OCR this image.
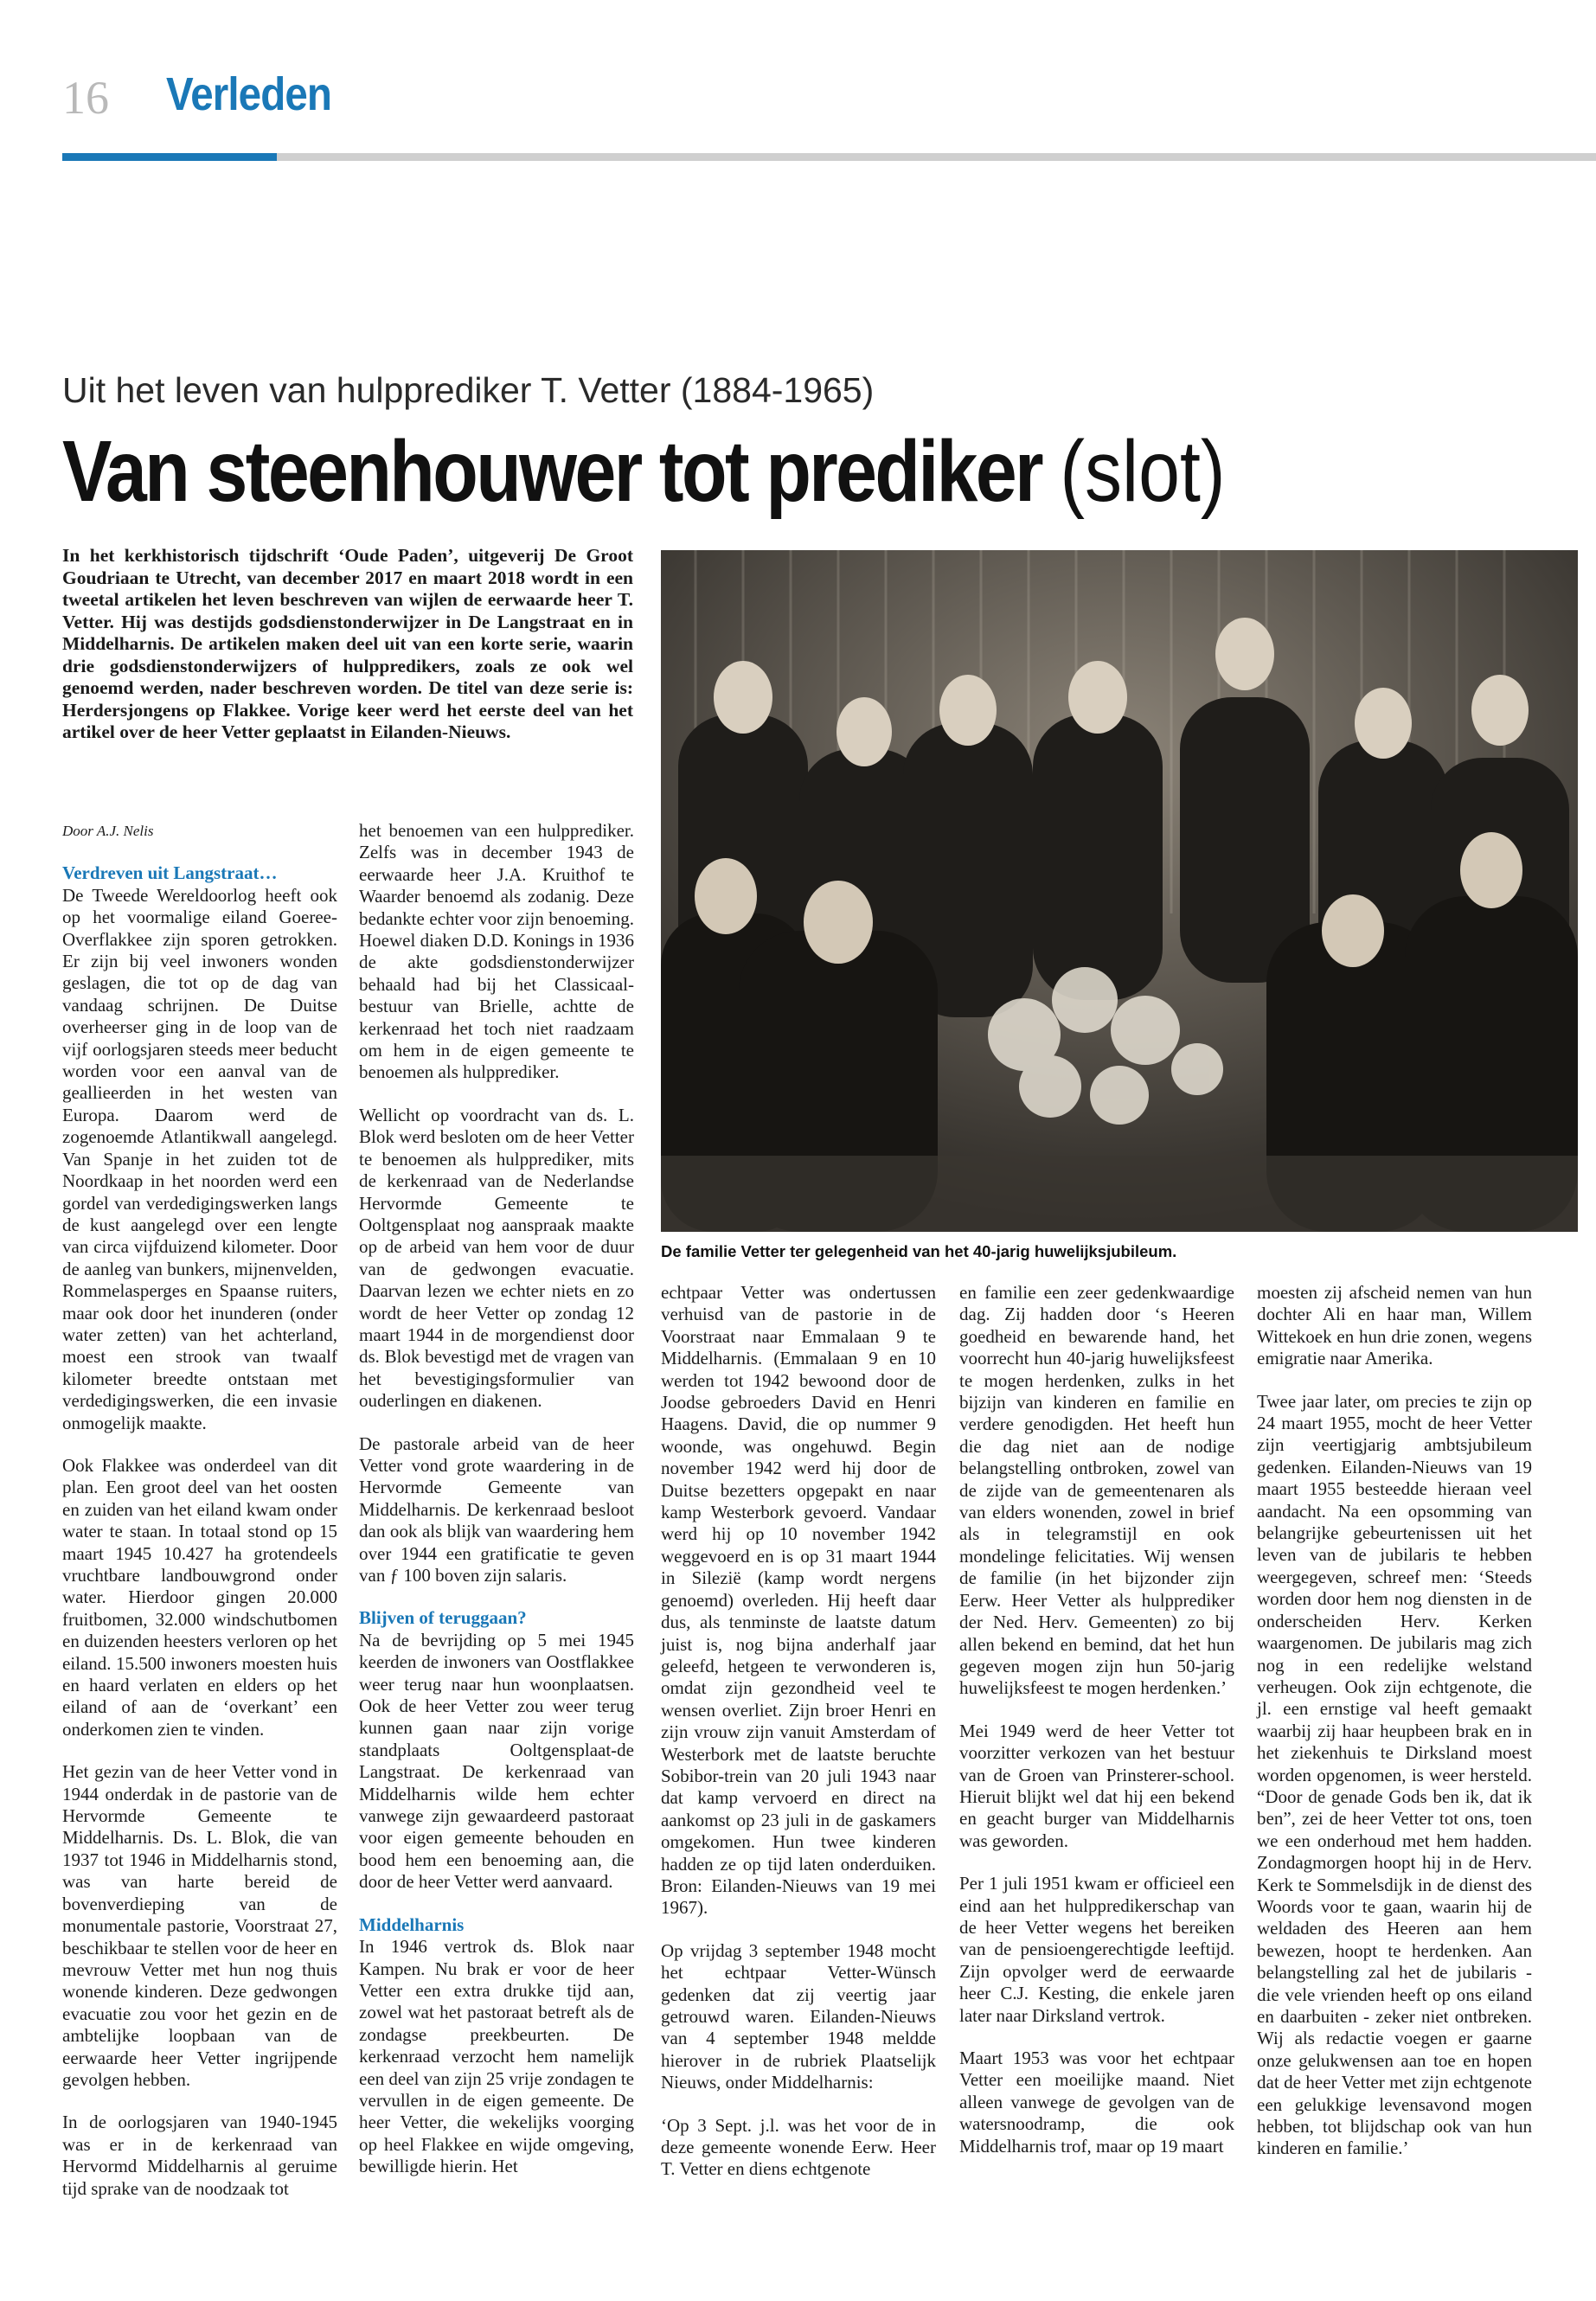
16 Verleden
Uit het leven van hulpprediker T. Vetter (1884-1965)
Van steenhouwer tot prediker (slot)
In het kerkhistorisch tijdschrift ‘Oude Paden’, uitgeverij De Groot Goudriaan te Utrecht, van december 2017 en maart 2018 wordt in een tweetal artikelen het leven beschreven van wijlen de eerwaarde heer T. Vetter. Hij was destijds godsdienstonderwijzer in De Langstraat en in Middelharnis. De artikelen maken deel uit van een korte serie, waarin drie godsdienstonderwijzers of hulppredikers, zoals ze ook wel genoemd werden, nader beschreven worden. De titel van deze serie is: Herdersjongens op Flakkee. Vorige keer werd het eerste deel van het artikel over de heer Vetter geplaatst in Eilanden-Nieuws.
De familie Vetter ter gelegenheid van het 40-jarig huwelijksjubileum.

Door A.J. Nelis

Verdreven uit Langstraat…

De Tweede Wereldoorlog heeft ook op het voormalige eiland Goeree-Overflakkee zijn sporen getrokken. Er zijn bij veel inwoners wonden geslagen, die tot op de dag van vandaag schrijnen. De Duitse overheerser ging in de loop van de vijf oorlogsjaren steeds meer beducht worden voor een aanval van de geallieerden in het westen van Europa. Daarom werd de zogenoemde Atlantikwall aangelegd. Van Spanje in het zuiden tot de Noordkaap in het noorden werd een gordel van verdedigingswerken langs de kust aangelegd over een lengte van circa vijfduizend kilometer. Door de aanleg van bunkers, mijnenvelden, Rommelasperges en Spaanse ruiters, maar ook door het inunderen (onder water zetten) van het achterland, moest een strook van twaalf kilometer breedte ontstaan met verdedigingswerken, die een invasie onmogelijk maakte.

Ook Flakkee was onderdeel van dit plan. Een groot deel van het oosten en zuiden van het eiland kwam onder water te staan. In totaal stond op 15 maart 1945 10.427 ha grotendeels vruchtbare landbouwgrond onder water. Hierdoor gingen 20.000 fruitbomen, 32.000 windschutbomen en duizenden heesters verloren op het eiland. 15.500 inwoners moesten huis en haard verlaten en elders op het eiland of aan de ‘overkant’ een onderkomen zien te vinden.

Het gezin van de heer Vetter vond in 1944 onderdak in de pastorie van de Hervormde Gemeente te Middelharnis. Ds. L. Blok, die van 1937 tot 1946 in Middelharnis stond, was van harte bereid de bovenverdieping van de monumentale pastorie, Voorstraat 27, beschikbaar te stellen voor de heer en mevrouw Vetter met hun nog thuis wonende kinderen. Deze gedwongen evacuatie zou voor het gezin en de ambtelijke loopbaan van de eerwaarde heer Vetter ingrijpende gevolgen hebben.

In de oorlogsjaren van 1940-1945 was er in de kerkenraad van Hervormd Middelharnis al geruime tijd sprake van de noodzaak tot

het benoemen van een hulpprediker. Zelfs was in december 1943 de eerwaarde heer J.A. Kruithof te Waarder benoemd als zodanig. Deze bedankte echter voor zijn benoeming. Hoewel diaken D.D. Konings in 1936 de akte godsdienstonderwijzer behaald had bij het Classicaal-bestuur van Brielle, achtte de kerkenraad het toch niet raadzaam om hem in de eigen gemeente te benoemen als hulpprediker.

Wellicht op voordracht van ds. L. Blok werd besloten om de heer Vetter te benoemen als hulpprediker, mits de kerkenraad van de Nederlandse Hervormde Gemeente te Ooltgensplaat nog aanspraak maakte op de arbeid van hem voor de duur van de gedwongen evacuatie. Daarvan lezen we echter niets en zo wordt de heer Vetter op zondag 12 maart 1944 in de morgendienst door ds. Blok bevestigd met de vragen van het bevestigingsformulier van ouderlingen en diakenen.

De pastorale arbeid van de heer Vetter vond grote waardering in de Hervormde Gemeente van Middelharnis. De kerkenraad besloot dan ook als blijk van waardering hem over 1944 een gratificatie te geven van ƒ 100 boven zijn salaris.

Blijven of teruggaan?

Na de bevrijding op 5 mei 1945 keerden de inwoners van Oostflakkee weer terug naar hun woonplaatsen. Ook de heer Vetter zou weer terug kunnen gaan naar zijn vorige standplaats Ooltgensplaat-de Langstraat. De kerkenraad van Middelharnis wilde hem echter vanwege zijn gewaardeerd pastoraat voor eigen gemeente behouden en bood hem een benoeming aan, die door de heer Vetter werd aanvaard.

Middelharnis

In 1946 vertrok ds. Blok naar Kampen. Nu brak er voor de heer Vetter een extra drukke tijd aan, zowel wat het pastoraat betreft als de zondagse preekbeurten. De kerkenraad verzocht hem namelijk een deel van zijn 25 vrije zondagen te vervullen in de eigen gemeente. De heer Vetter, die wekelijks voorging op heel Flakkee en wijde omgeving, bewilligde hierin. Het

echtpaar Vetter was ondertussen verhuisd van de pastorie in de Voorstraat naar Emmalaan 9 te Middelharnis. (Emmalaan 9 en 10 werden tot 1942 bewoond door de Joodse gebroeders David en Henri Haagens. David, die op nummer 9 woonde, was ongehuwd. Begin november 1942 werd hij door de Duitse bezetters opgepakt en naar kamp Westerbork gevoerd. Vandaar werd hij op 10 november 1942 weggevoerd en is op 31 maart 1944 in Silezië (kamp wordt nergens genoemd) overleden. Hij heeft daar dus, als tenminste de laatste datum juist is, nog bijna anderhalf jaar geleefd, hetgeen te verwonderen is, omdat zijn gezondheid veel te wensen overliet. Zijn broer Henri en zijn vrouw zijn vanuit Amsterdam of Westerbork met de laatste beruchte Sobibor-trein van 20 juli 1943 naar dat kamp vervoerd en direct na aankomst op 23 juli in de gaskamers omgekomen. Hun twee kinderen hadden ze op tijd laten onderduiken. Bron: Eilanden-Nieuws van 19 mei 1967).

Op vrijdag 3 september 1948 mocht het echtpaar Vetter-Wünsch gedenken dat zij veertig jaar getrouwd waren. Eilanden-Nieuws van 4 september 1948 meldde hierover in de rubriek Plaatselijk Nieuws, onder Middelharnis:

‘Op 3 Sept. j.l. was het voor de in deze gemeente wonende Eerw. Heer T. Vetter en diens echtgenote

en familie een zeer gedenkwaardige dag. Zij hadden door ‘s Heeren goedheid en bewarende hand, het voorrecht hun 40-jarig huwelijksfeest te mogen herdenken, zulks in het bijzijn van kinderen en familie en verdere genodigden. Het heeft hun die dag niet aan de nodige belangstelling ontbroken, zowel van de zijde van de gemeentenaren als van elders wonenden, zowel in brief als in telegramstijl en ook mondelinge felicitaties. Wij wensen de familie (in het bijzonder zijn Eerw. Heer Vetter als hulpprediker der Ned. Herv. Gemeenten) zo bij allen bekend en bemind, dat het hun gegeven mogen zijn hun 50-jarig huwelijksfeest te mogen herdenken.’

Mei 1949 werd de heer Vetter tot voorzitter verkozen van het bestuur van de Groen van Prinsterer-school. Hieruit blijkt wel dat hij een bekend en geacht burger van Middelharnis was geworden.

Per 1 juli 1951 kwam er officieel een eind aan het hulppredikerschap van de heer Vetter wegens het bereiken van de pensioengerechtigde leeftijd. Zijn opvolger werd de eerwaarde heer C.J. Kesting, die enkele jaren later naar Dirksland vertrok.

Maart 1953 was voor het echtpaar Vetter een moeilijke maand. Niet alleen vanwege de gevolgen van de watersnoodramp, die ook Middelharnis trof, maar op 19 maart

moesten zij afscheid nemen van hun dochter Ali en haar man, Willem Wittekoek en hun drie zonen, wegens emigratie naar Amerika.

Twee jaar later, om precies te zijn op 24 maart 1955, mocht de heer Vetter zijn veertigjarig ambtsjubileum gedenken. Eilanden-Nieuws van 19 maart 1955 besteedde hieraan veel aandacht. Na een opsomming van belangrijke gebeurtenissen uit het leven van de jubilaris te hebben weergegeven, schreef men: ‘Steeds worden door hem nog diensten in de onderscheiden Herv. Kerken waargenomen. De jubilaris mag zich nog in een redelijke welstand verheugen. Ook zijn echtgenote, die jl. een ernstige val heeft gemaakt waarbij zij haar heupbeen brak en in het ziekenhuis te Dirksland moest worden opgenomen, is weer hersteld. “Door de genade Gods ben ik, dat ik ben”, zei de heer Vetter tot ons, toen we een onderhoud met hem hadden. Zondagmorgen hoopt hij in de Herv. Kerk te Sommelsdijk in de dienst des Woords voor te gaan, waarin hij de weldaden des Heeren aan hem bewezen, hoopt te herdenken. Aan belangstelling zal het de jubilaris - die vele vrienden heeft op ons eiland en daarbuiten - zeker niet ontbreken. Wij als redactie voegen er gaarne onze gelukwensen aan toe en hopen dat de heer Vetter met zijn echtgenote een gelukkige levensavond mogen hebben, tot blijdschap ook van hun kinderen en familie.’
